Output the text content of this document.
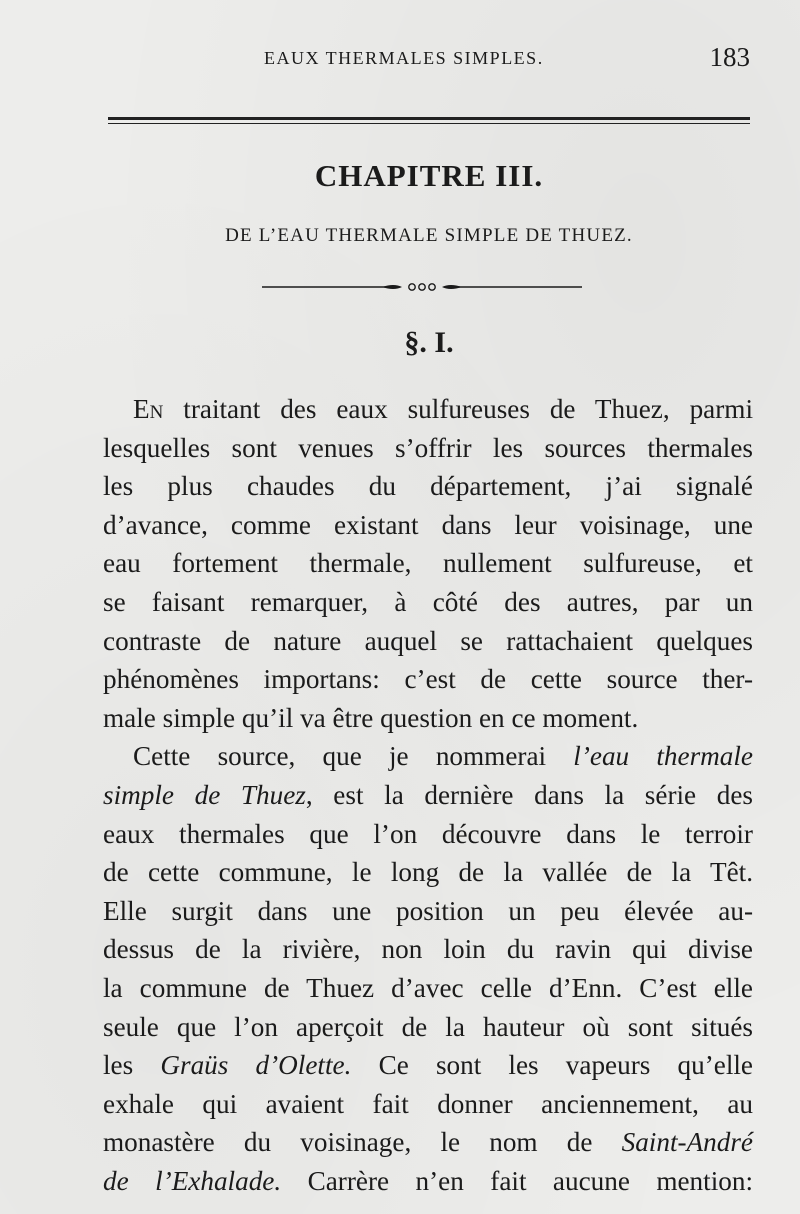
EAUX THERMALES SIMPLES.	183
CHAPITRE III.
DE L’EAU THERMALE SIMPLE DE THUEZ.
§. I.
En traitant des eaux sulfureuses de Thuez, parmi
lesquelles sont venues s’offrir les sources thermales
les plus chaudes du département, j’ai signalé
d’avance, comme existant dans leur voisinage, une
eau fortement thermale, nullement sulfureuse, et
se faisant remarquer, à côté des autres, par un
contraste de nature auquel se rattachaient quelques
phénomènes importans: c’est de cette source ther-
male simple qu’il va être question en ce moment.
Cette source, que je nommerai l’eau thermale
simple de Thuez, est la dernière dans la série des
eaux thermales que l’on découvre dans le terroir
de cette commune, le long de la vallée de la Têt.
Elle surgit dans une position un peu élevée au-
dessus de la rivière, non loin du ravin qui divise
la commune de Thuez d’avec celle d’Enn. C’est elle
seule que l’on aperçoit de la hauteur où sont situés
les Graüs d’Olette. Ce sont les vapeurs qu’elle
exhale qui avaient fait donner anciennement, au
monastère du voisinage, le nom de Saint-André
de l’Exhalade. Carrère n’en fait aucune mention:
